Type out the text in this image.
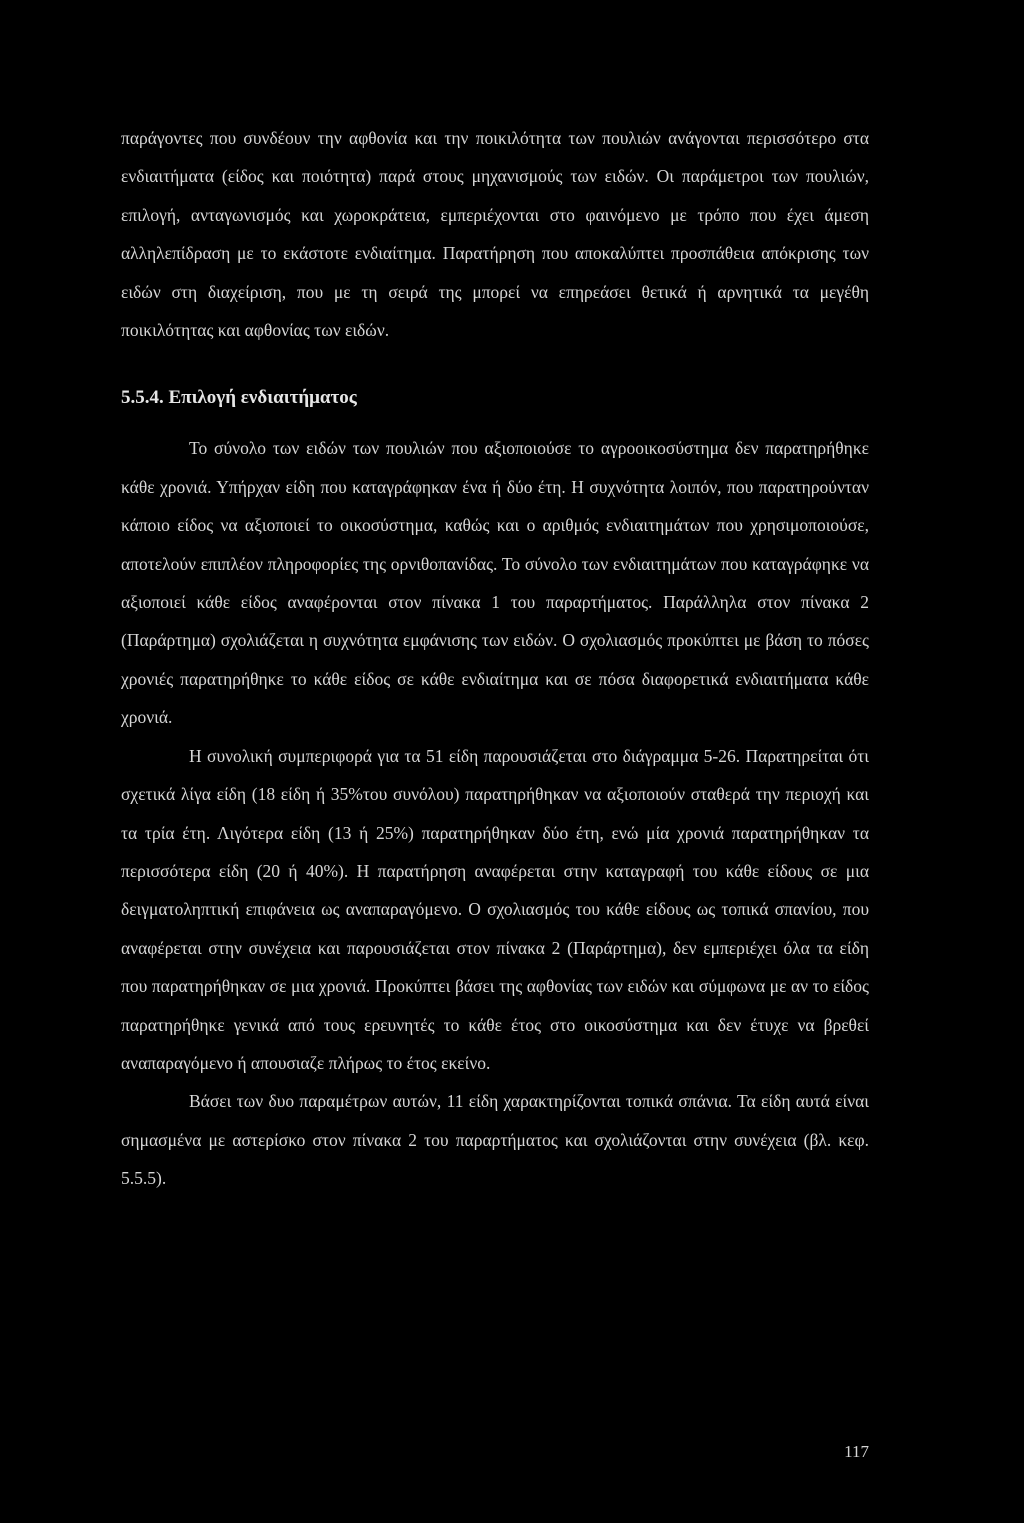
παράγοντες που συνδέουν την αφθονία και την ποικιλότητα των πουλιών ανάγονται περισσότερο στα ενδιαιτήματα (είδος και ποιότητα) παρά στους μηχανισμούς των ειδών. Οι παράμετροι των πουλιών, επιλογή, ανταγωνισμός και χωροκράτεια, εμπεριέχονται στο φαινόμενο με τρόπο που έχει άμεση αλληλεπίδραση με το εκάστοτε ενδιαίτημα. Παρατήρηση που αποκαλύπτει προσπάθεια απόκρισης των ειδών στη διαχείριση, που με τη σειρά της μπορεί να επηρεάσει θετικά ή αρνητικά τα μεγέθη ποικιλότητας και αφθονίας των ειδών.

5.5.4. Επιλογή ενδιαιτήματος

Το σύνολο των ειδών των πουλιών που αξιοποιούσε το αγροοικοσύστημα δεν παρατηρήθηκε κάθε χρονιά. Υπήρχαν είδη που καταγράφηκαν ένα ή δύο έτη. Η συχνότητα λοιπόν, που παρατηρούνταν κάποιο είδος να αξιοποιεί το οικοσύστημα, καθώς και ο αριθμός ενδιαιτημάτων που χρησιμοποιούσε, αποτελούν επιπλέον πληροφορίες της ορνιθοπανίδας. Το σύνολο των ενδιαιτημάτων που καταγράφηκε να αξιοποιεί κάθε είδος αναφέρονται στον πίνακα 1 του παραρτήματος. Παράλληλα στον πίνακα 2 (Παράρτημα) σχολιάζεται η συχνότητα εμφάνισης των ειδών. Ο σχολιασμός προκύπτει με βάση το πόσες χρονιές παρατηρήθηκε το κάθε είδος σε κάθε ενδιαίτημα και σε πόσα διαφορετικά ενδιαιτήματα κάθε χρονιά.

Η συνολική συμπεριφορά για τα 51 είδη παρουσιάζεται στο διάγραμμα 5-26. Παρατηρείται ότι σχετικά λίγα είδη (18 είδη ή 35%του συνόλου) παρατηρήθηκαν να αξιοποιούν σταθερά την περιοχή και τα τρία έτη. Λιγότερα είδη (13 ή 25%) παρατηρήθηκαν δύο έτη, ενώ μία χρονιά παρατηρήθηκαν τα περισσότερα είδη (20 ή 40%). Η παρατήρηση αναφέρεται στην καταγραφή του κάθε είδους σε μια δειγματοληπτική επιφάνεια ως αναπαραγόμενο. Ο σχολιασμός του κάθε είδους ως τοπικά σπανίου, που αναφέρεται στην συνέχεια και παρουσιάζεται στον πίνακα 2 (Παράρτημα), δεν εμπεριέχει όλα τα είδη που παρατηρήθηκαν σε μια χρονιά. Προκύπτει βάσει της αφθονίας των ειδών και σύμφωνα με αν το είδος παρατηρήθηκε γενικά από τους ερευνητές το κάθε έτος στο οικοσύστημα και δεν έτυχε να βρεθεί αναπαραγόμενο ή απουσιαζε πλήρως το έτος εκείνο.

Βάσει των δυο παραμέτρων αυτών, 11 είδη χαρακτηρίζονται τοπικά σπάνια. Τα είδη αυτά είναι σημασμένα με αστερίσκο στον πίνακα 2 του παραρτήματος και σχολιάζονται στην συνέχεια (βλ. κεφ. 5.5.5).

117
